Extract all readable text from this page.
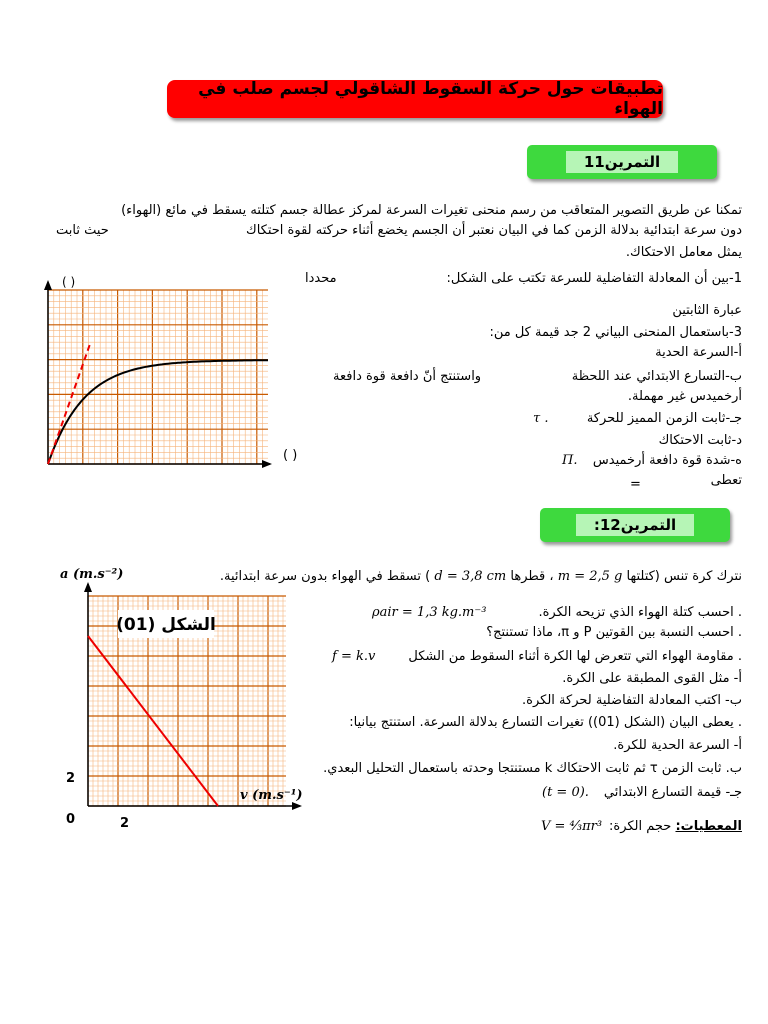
تطبيقات حول حركة السقوط الشاقولي لجسم صلب في الهواء
التمرين11
تمكنا عن طريق التصوير المتعاقب من رسم منحنى تغيرات السرعة لمركز عطالة جسم كتلته يسقط في مائع (الهواء)
دون سرعة ابتدائية بدلالة الزمن كما في البيان نعتبر أن الجسم يخضع أثناء حركته لقوة احتكاك
حيث ثابت
يمثل معامل الاحتكاك.
1-بين أن المعادلة التفاضلية للسرعة تكتب على الشكل:
محددا
عبارة الثابتين
3-باستعمال المنحنى البياني 2 جد قيمة كل من:
أ-السرعة الحدية
ب-التسارع الابتدائي عند اللحظة
واستنتج أنّ دافعة قوة دافعة
أرخميدس غير مهملة.
جـ-ثابت الزمن المميز للحركة
τ .
د-ثابت الاحتكاك
ه-شدة قوة دافعة أرخميدس
Π.
تعطى
=
( )
( )
التمرين12:
نترك كرة تنس (كتلتها m = 2,5 g ، قطرها d = 3,8 cm ) تسقط في الهواء بدون سرعة ابتدائية.
. احسب كتلة الهواء الذي تزيحه الكرة.
ρair = 1,3 kg.m⁻³
. احسب النسبة بين القوتين P و π، ماذا تستنتج؟
. مقاومة الهواء التي تتعرض لها الكرة أثناء السقوط من الشكل
f = k.v
أ- مثل القوى المطبقة على الكرة.
ب- اكتب المعادلة التفاضلية لحركة الكرة.
. يعطى البيان (الشكل (01)) تغيرات التسارع بدلالة السرعة. استنتج بيانيا:
أ- السرعة الحدية للكرة.
ب. ثابت الزمن τ ثم ثابت الاحتكاك k مستنتجا وحدته باستعمال التحليل البعدي.
جـ- قيمة التسارع الابتدائي
(t = 0).
المعطيات: حجم الكرة:
V = ⁴⁄₃πr³
الشكل (01)
a (m.s⁻²)
v (m.s⁻¹)
2
2
0
